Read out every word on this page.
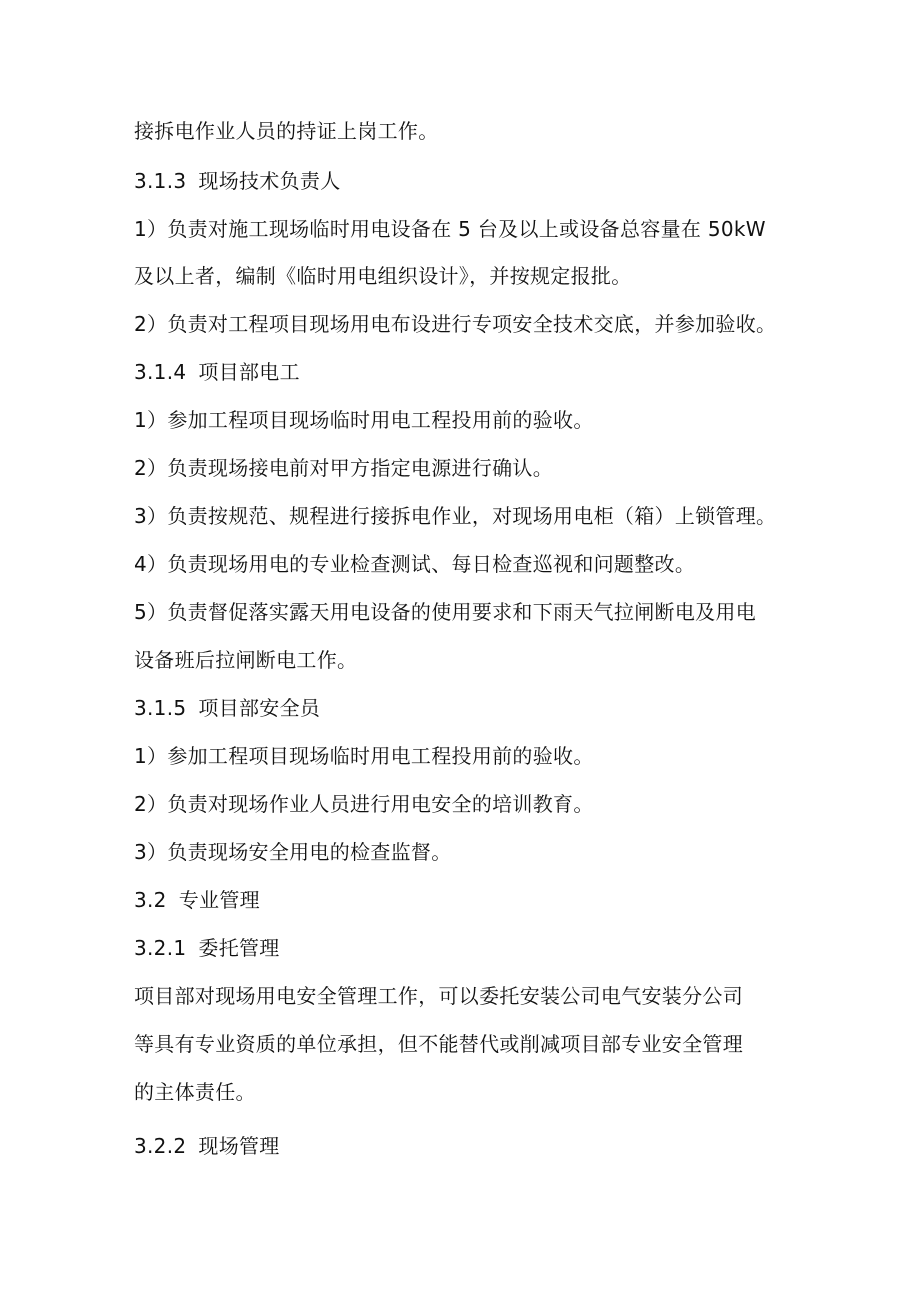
接拆电作业人员的持证上岗工作。
3.1.3 现场技术负责人
1）负责对施工现场临时用电设备在 5 台及以上或设备总容量在 50kW
及以上者，编制《临时用电组织设计》，并按规定报批。
2）负责对工程项目现场用电布设进行专项安全技术交底，并参加验收。
3.1.4 项目部电工
1）参加工程项目现场临时用电工程投用前的验收。
2）负责现场接电前对甲方指定电源进行确认。
3）负责按规范、规程进行接拆电作业，对现场用电柜（箱）上锁管理。
4）负责现场用电的专业检查测试、每日检查巡视和问题整改。
5）负责督促落实露天用电设备的使用要求和下雨天气拉闸断电及用电
设备班后拉闸断电工作。
3.1.5 项目部安全员
1）参加工程项目现场临时用电工程投用前的验收。
2）负责对现场作业人员进行用电安全的培训教育。
3）负责现场安全用电的检查监督。
3.2 专业管理
3.2.1 委托管理
项目部对现场用电安全管理工作，可以委托安装公司电气安装分公司
等具有专业资质的单位承担，但不能替代或削减项目部专业安全管理
的主体责任。
3.2.2 现场管理
